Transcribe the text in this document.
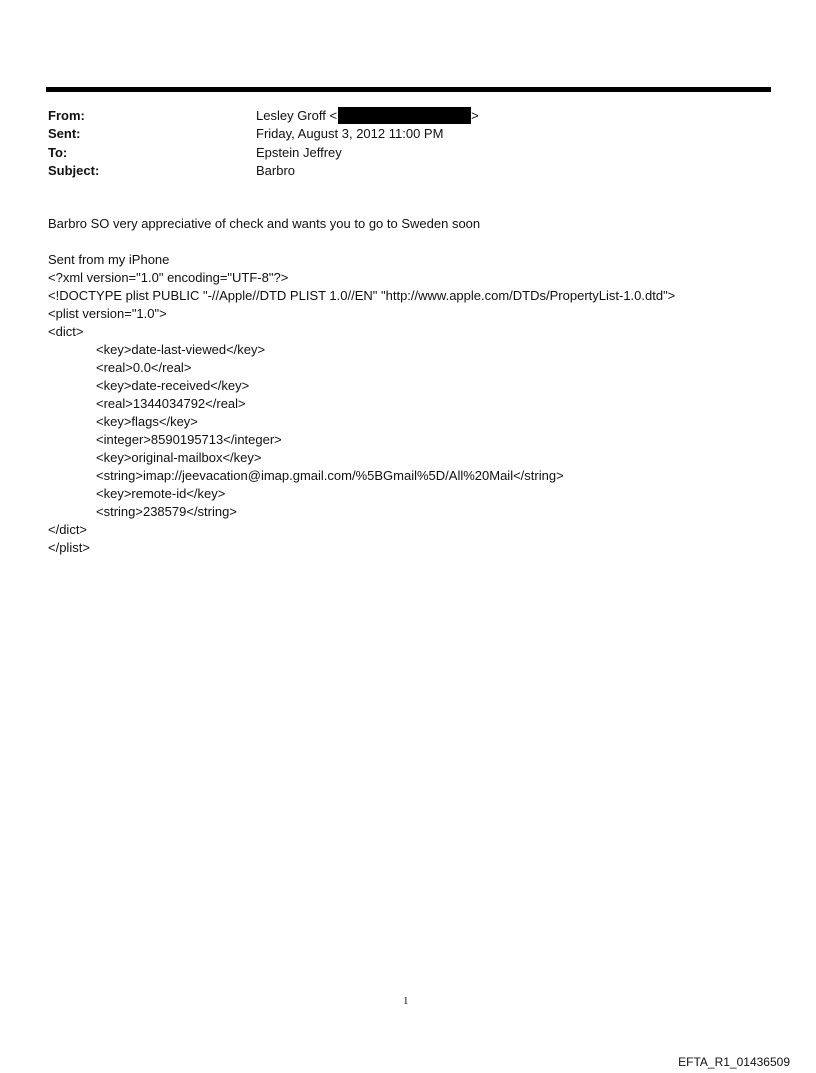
From:	Lesley Groff <	>
Sent:	Friday, August 3, 2012 11:00 PM
To:	Epstein Jeffrey
Subject:	Barbro
Barbro SO very appreciative of check and wants you to go to Sweden soon
Sent from my iPhone
<?xml version="1.0" encoding="UTF-8"?>
<!DOCTYPE plist PUBLIC "-//Apple//DTD PLIST 1.0//EN" "http://www.apple.com/DTDs/PropertyList-1.0.dtd">
<plist version="1.0">
<dict>
<key>date-last-viewed</key>
<real>0.0</real>
<key>date-received</key>
<real>1344034792</real>
<key>flags</key>
<integer>8590195713</integer>
<key>original-mailbox</key>
<string>imap://jeevacation@imap.gmail.com/%5BGmail%5D/All%20Mail</string>
<key>remote-id</key>
<string>238579</string>
</dict>
</plist>
1
EFTA_R1_01436509
